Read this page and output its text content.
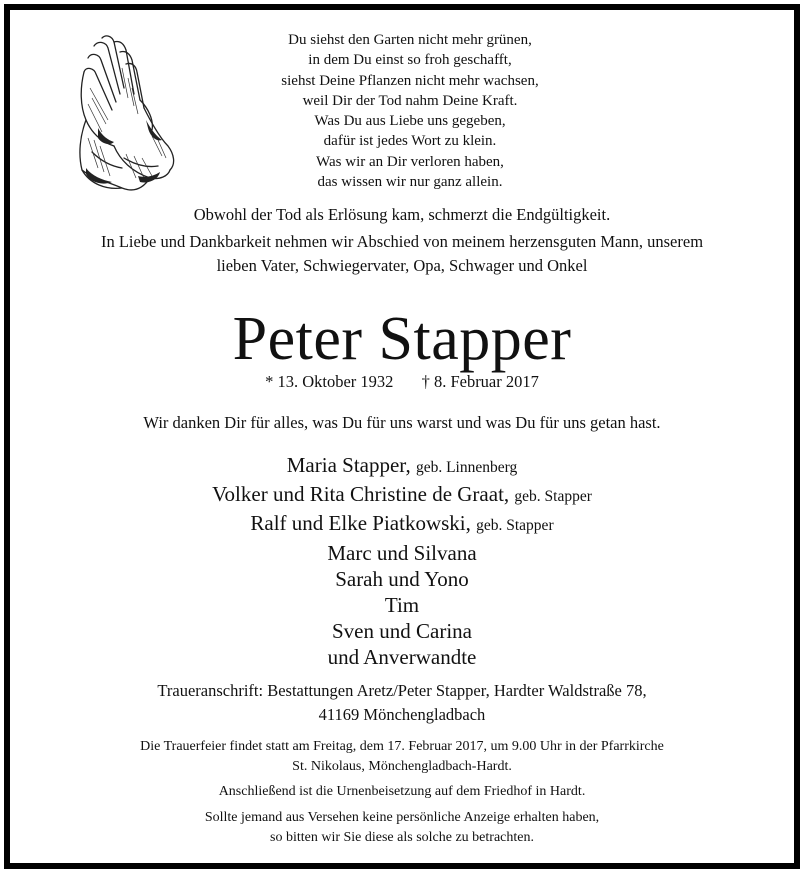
Du siehst den Garten nicht mehr grünen,
in dem Du einst so froh geschafft,
siehst Deine Pflanzen nicht mehr wachsen,
weil Dir der Tod nahm Deine Kraft.
Was Du aus Liebe uns gegeben,
dafür ist jedes Wort zu klein.
Was wir an Dir verloren haben,
das wissen wir nur ganz allein.
Obwohl der Tod als Erlösung kam, schmerzt die Endgültigkeit.
In Liebe und Dankbarkeit nehmen wir Abschied von meinem herzensguten Mann, unserem
lieben Vater, Schwiegervater, Opa, Schwager und Onkel
Peter Stapper
* 13. Oktober 1932 † 8. Februar 2017
Wir danken Dir für alles, was Du für uns warst und was Du für uns getan hast.
Maria Stapper, geb. Linnenberg
Volker und Rita Christine de Graat, geb. Stapper
Ralf und Elke Piatkowski, geb. Stapper
Marc und Silvana
Sarah und Yono
Tim
Sven und Carina
und Anverwandte
Traueranschrift: Bestattungen Aretz/Peter Stapper, Hardter Waldstraße 78,
41169 Mönchengladbach
Die Trauerfeier findet statt am Freitag, dem 17. Februar 2017, um 9.00 Uhr in der Pfarrkirche
St. Nikolaus, Mönchengladbach-Hardt.
Anschließend ist die Urnenbeisetzung auf dem Friedhof in Hardt.
Sollte jemand aus Versehen keine persönliche Anzeige erhalten haben,
so bitten wir Sie diese als solche zu betrachten.
